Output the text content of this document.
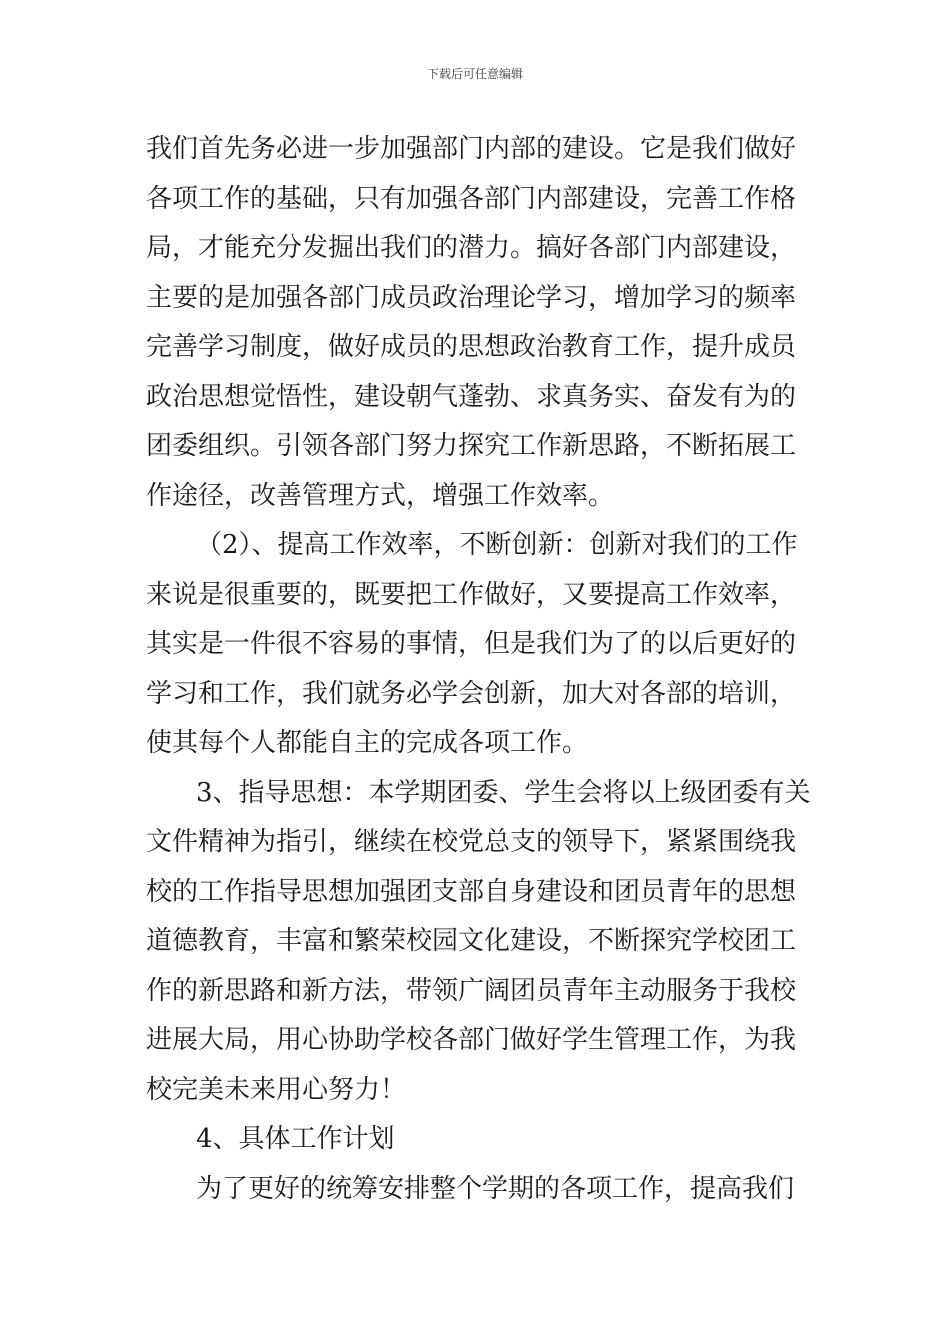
下载后可任意编辑
我们首先务必进一步加强部门内部的建设。它是我们做好
各项工作的基础，只有加强各部门内部建设，完善工作格
局，才能充分发掘出我们的潜力。搞好各部门内部建设，
主要的是加强各部门成员政治理论学习，增加学习的频率
完善学习制度，做好成员的思想政治教育工作，提升成员
政治思想觉悟性，建设朝气蓬勃、求真务实、奋发有为的
团委组织。引领各部门努力探究工作新思路，不断拓展工
作途径，改善管理方式，增强工作效率。
（2）、提高工作效率，不断创新：创新对我们的工作
来说是很重要的，既要把工作做好，又要提高工作效率，
其实是一件很不容易的事情，但是我们为了的以后更好的
学习和工作，我们就务必学会创新，加大对各部的培训，
使其每个人都能自主的完成各项工作。
3、指导思想：本学期团委、学生会将以上级团委有关
文件精神为指引，继续在校党总支的领导下，紧紧围绕我
校的工作指导思想加强团支部自身建设和团员青年的思想
道德教育，丰富和繁荣校园文化建设，不断探究学校团工
作的新思路和新方法，带领广阔团员青年主动服务于我校
进展大局，用心协助学校各部门做好学生管理工作，为我
校完美未来用心努力！
4、具体工作计划
为了更好的统筹安排整个学期的各项工作，提高我们
